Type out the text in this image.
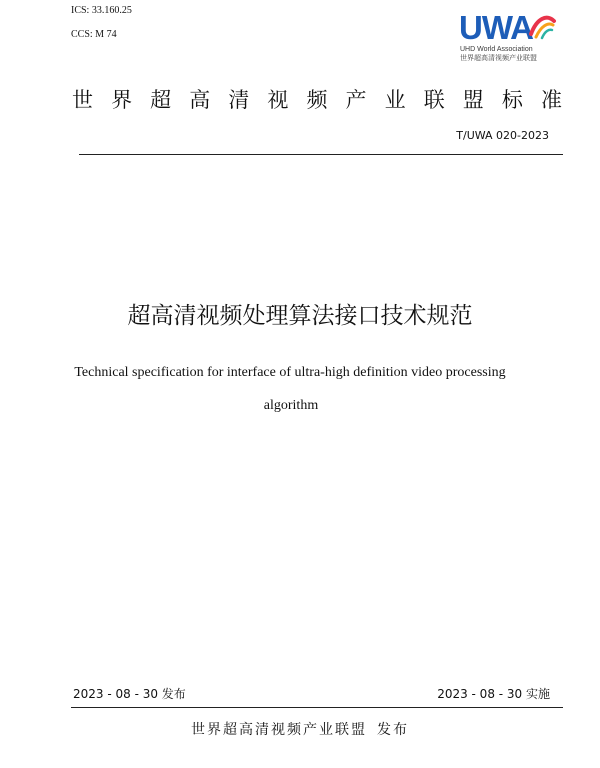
ICS: 33.160.25
CCS: M 74	UWA
UHD World Association
世界超高清视频产业联盟
世 界 超 高 清 视 频 产 业 联 盟 标 准
T/UWA 020-2023
超高清视频处理算法接口技术规范
Technical specification for interface of ultra-high definition video processing
algorithm
2023 - 08 - 30 发布	2023 - 08 - 30 实施
世界超高清视频产业联盟 发布
